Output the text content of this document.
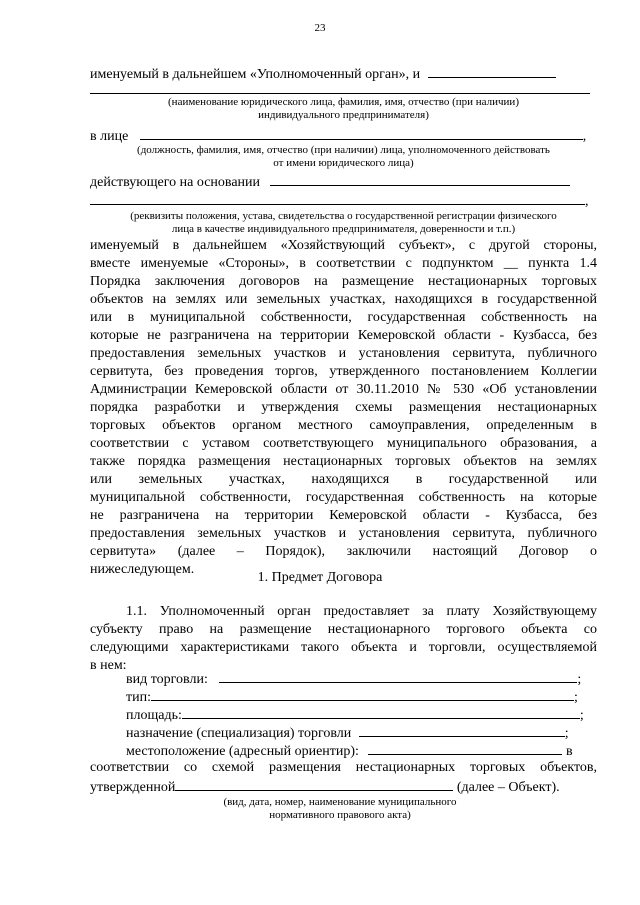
23
именуемый в дальнейшем «Уполномоченный орган», и
(наименование юридического лица, фамилия, имя, отчество (при наличии)
индивидуального предпринимателя)
в лице	,
(должность, фамилия, имя, отчество (при наличии) лица, уполномоченного действовать
от имени юридического лица)
действующего на основании
,
(реквизиты положения, устава, свидетельства о государственной регистрации физического
лица в качестве индивидуального предпринимателя, доверенности и т.п.)
именуемый в дальнейшем «Хозяйствующий субъект», с другой стороны,
вместе именуемые «Стороны», в соответствии с подпунктом __ пункта 1.4
Порядка заключения договоров на размещение нестационарных торговых
объектов на землях или земельных участках, находящихся в государственной
или в муниципальной собственности, государственная собственность на
которые не разграничена на территории Кемеровской области - Кузбасса, без
предоставления земельных участков и установления сервитута, публичного
сервитута, без проведения торгов, утвержденного постановлением Коллегии
Администрации Кемеровской области от 30.11.2010 № 530 «Об установлении
порядка разработки и утверждения схемы размещения нестационарных
торговых объектов органом местного самоуправления, определенным в
соответствии с уставом соответствующего муниципального образования, а
также порядка размещения нестационарных торговых объектов на землях
или земельных участках, находящихся в государственной или
муниципальной собственности, государственная собственность на которые
не разграничена на территории Кемеровской области - Кузбасса, без
предоставления земельных участков и установления сервитута, публичного
сервитута» (далее – Порядок), заключили настоящий Договор о
нижеследующем.
1. Предмет Договора
1.1. Уполномоченный орган предоставляет за плату Хозяйствующему
субъекту право на размещение нестационарного торгового объекта со
следующими характеристиками такого объекта и торговли, осуществляемой
в нем:
вид торговли:	;
тип:	;
площадь:	;
назначение (специализация) торговли	;
местоположение (адресный ориентир):	в
соответствии со схемой размещения нестационарных торговых объектов,
утвержденной	(далее – Объект).
(вид, дата, номер, наименование муниципального
нормативного правового акта)
